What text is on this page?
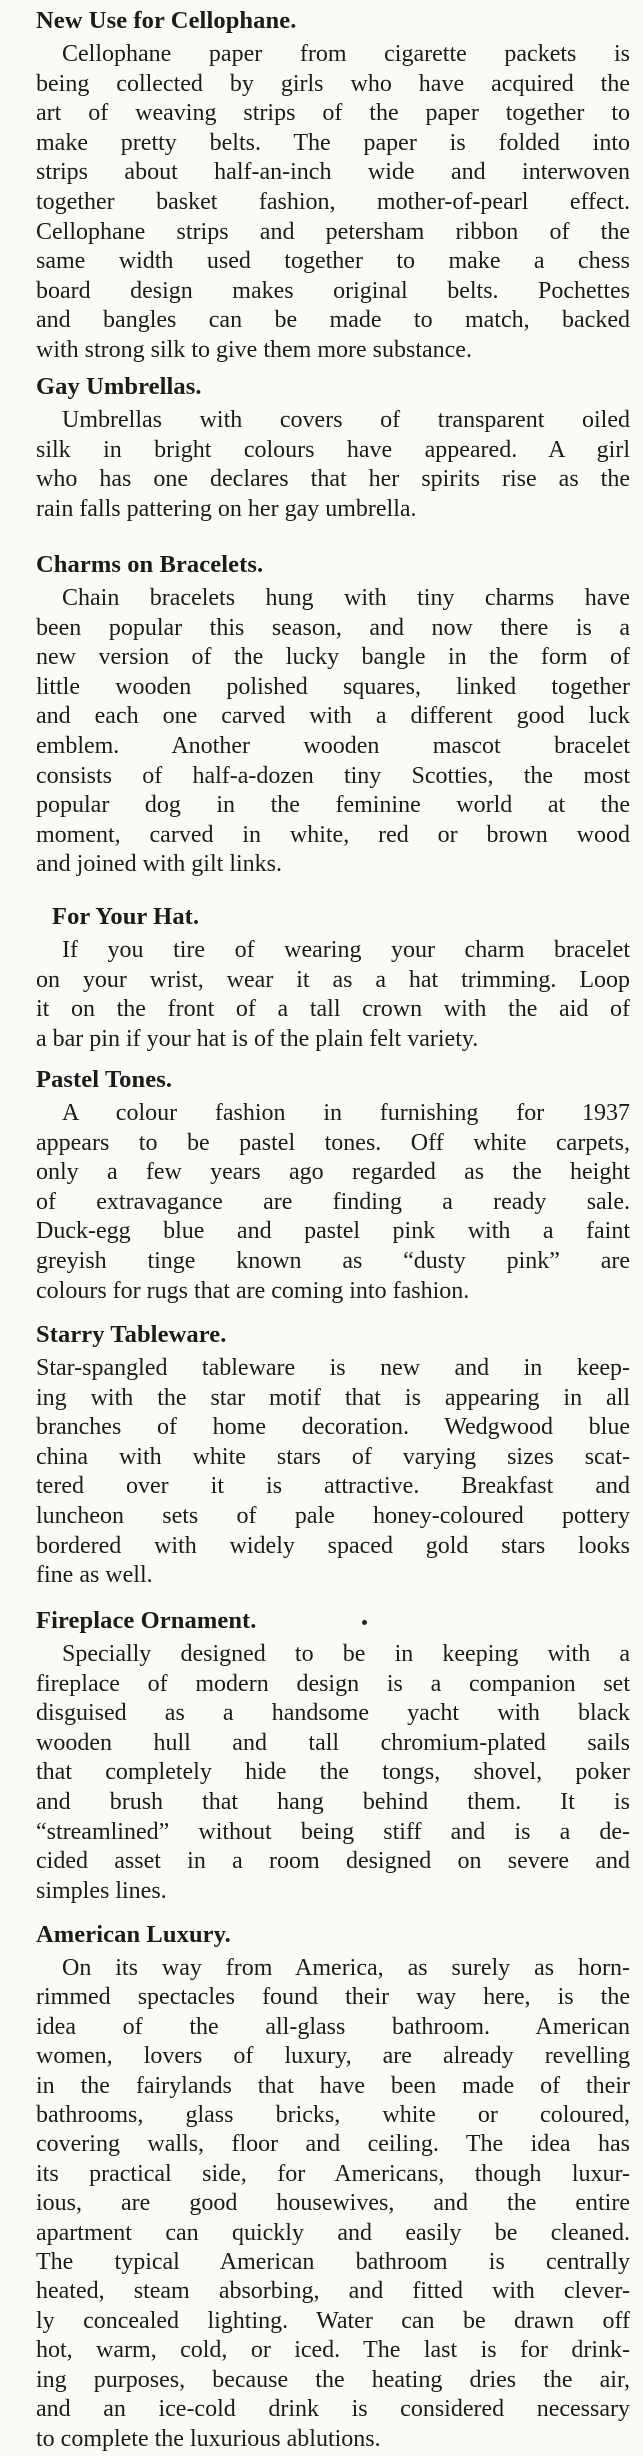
New Use for Cellophane.
Cellophane paper from cigarette packets is
being collected by girls who have acquired the
art of weaving strips of the paper together to
make pretty belts. The paper is folded into
strips about half-an-inch wide and interwoven
together basket fashion, mother-of-pearl effect.
Cellophane strips and petersham ribbon of the
same width used together to make a chess
board design makes original belts. Pochettes
and bangles can be made to match, backed
with strong silk to give them more substance.
Gay Umbrellas.
Umbrellas with covers of transparent oiled
silk in bright colours have appeared. A girl
who has one declares that her spirits rise as the
rain falls pattering on her gay umbrella.
Charms on Bracelets.
Chain bracelets hung with tiny charms have
been popular this season, and now there is a
new version of the lucky bangle in the form of
little wooden polished squares, linked together
and each one carved with a different good luck
emblem. Another wooden mascot bracelet
consists of half-a-dozen tiny Scotties, the most
popular dog in the feminine world at the
moment, carved in white, red or brown wood
and joined with gilt links.
For Your Hat.
If you tire of wearing your charm bracelet
on your wrist, wear it as a hat trimming. Loop
it on the front of a tall crown with the aid of
a bar pin if your hat is of the plain felt variety.
Pastel Tones.
A colour fashion in furnishing for 1937
appears to be pastel tones. Off white carpets,
only a few years ago regarded as the height
of extravagance are finding a ready sale.
Duck-egg blue and pastel pink with a faint
greyish tinge known as “dusty pink” are
colours for rugs that are coming into fashion.
Starry Tableware.
Star-spangled tableware is new and in keep-
ing with the star motif that is appearing in all
branches of home decoration. Wedgwood blue
china with white stars of varying sizes scat-
tered over it is attractive. Breakfast and
luncheon sets of pale honey-coloured pottery
bordered with widely spaced gold stars looks
fine as well.
Fireplace Ornament.
Specially designed to be in keeping with a
fireplace of modern design is a companion set
disguised as a handsome yacht with black
wooden hull and tall chromium-plated sails
that completely hide the tongs, shovel, poker
and brush that hang behind them. It is
“streamlined” without being stiff and is a de-
cided asset in a room designed on severe and
simples lines.
American Luxury.
On its way from America, as surely as horn-
rimmed spectacles found their way here, is the
idea of the all-glass bathroom. American
women, lovers of luxury, are already revelling
in the fairylands that have been made of their
bathrooms, glass bricks, white or coloured,
covering walls, floor and ceiling. The idea has
its practical side, for Americans, though luxur-
ious, are good housewives, and the entire
apartment can quickly and easily be cleaned.
The typical American bathroom is centrally
heated, steam absorbing, and fitted with clever-
ly concealed lighting. Water can be drawn off
hot, warm, cold, or iced. The last is for drink-
ing purposes, because the heating dries the air,
and an ice-cold drink is considered necessary
to complete the luxurious ablutions.
